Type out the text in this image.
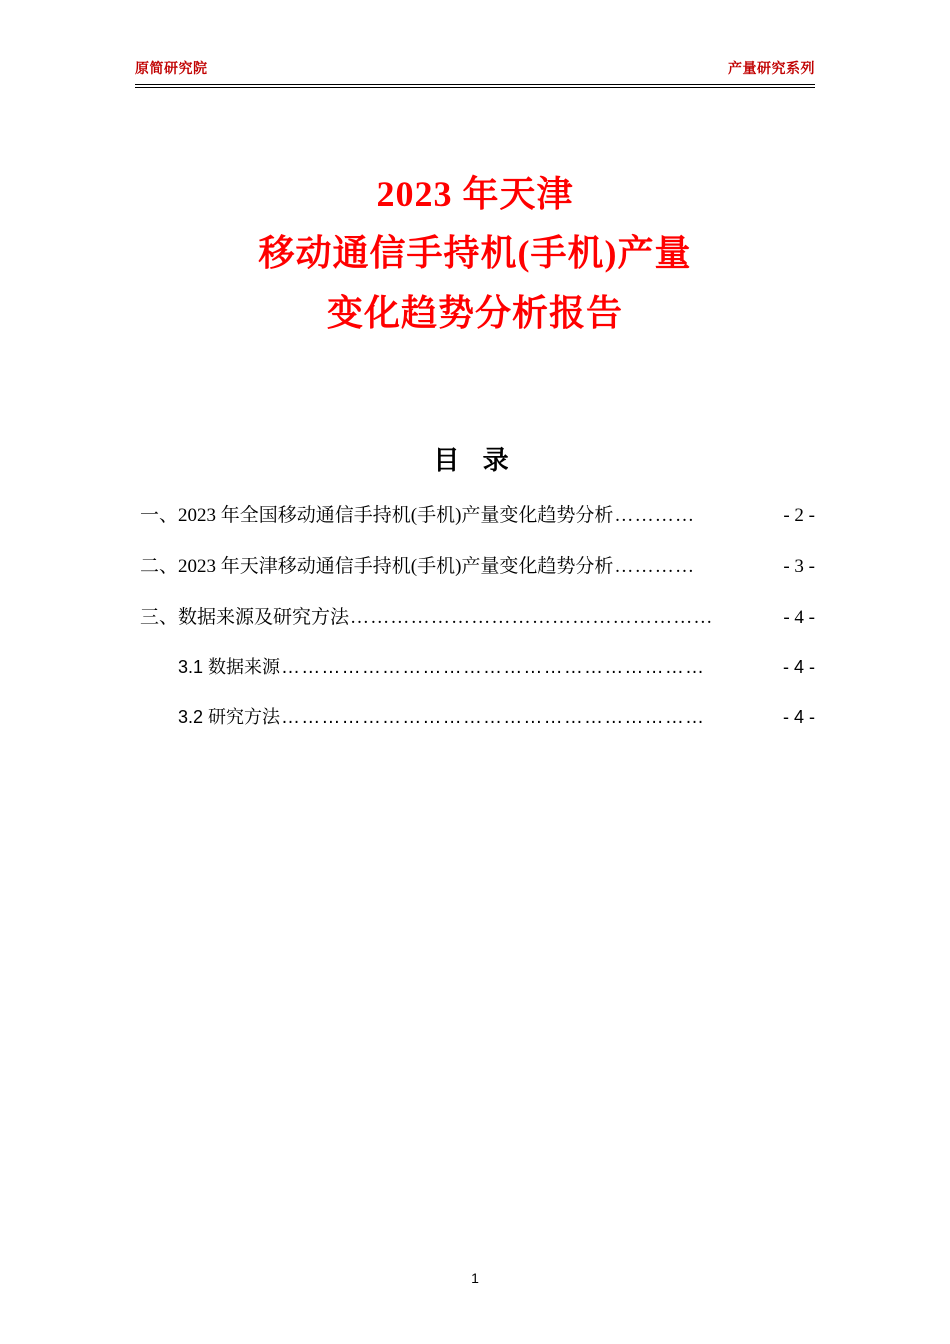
原简研究院	产量研究系列
2023 年天津
移动通信手持机(手机)产量
变化趋势分析报告
目 录
一、2023 年全国移动通信手持机(手机)产量变化趋势分析 …………	- 2 -
二、2023 年天津移动通信手持机(手机)产量变化趋势分析 …………	- 3 -
三、数据来源及研究方法 ………………………………………………	- 4 -
3.1 数据来源 ………………………………………………………	- 4 -
3.2 研究方法 ………………………………………………………	- 4 -
1
